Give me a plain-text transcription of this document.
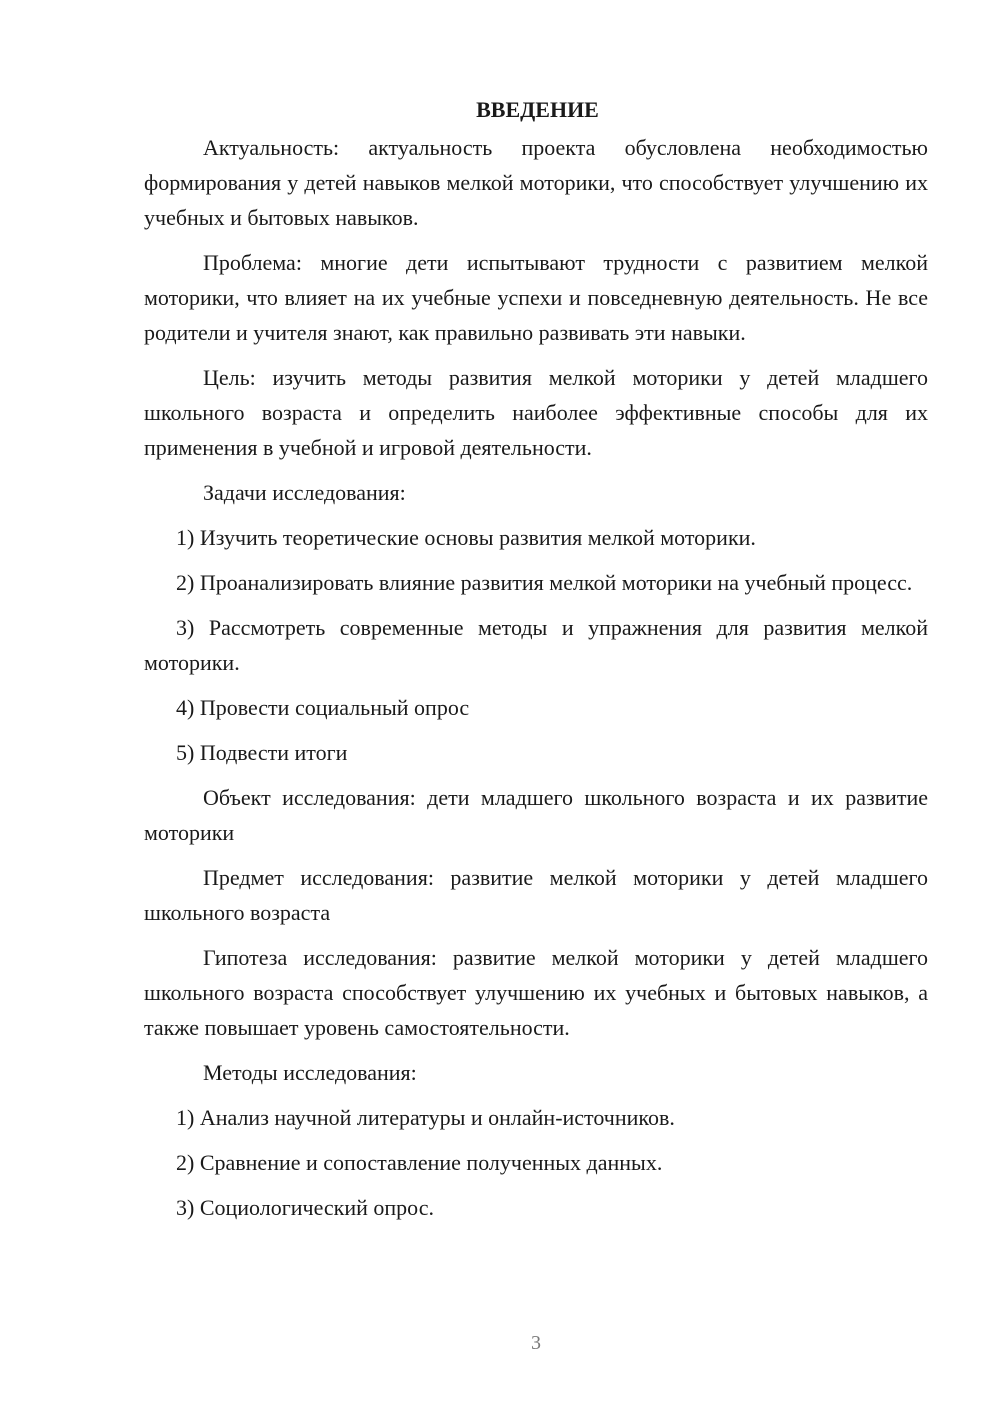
ВВЕДЕНИЕ

Актуальность: актуальность проекта обусловлена необходимостью формирования у детей навыков мелкой моторики, что способствует улучшению их учебных и бытовых навыков.

Проблема: многие дети испытывают трудности с развитием мелкой моторики, что влияет на их учебные успехи и повседневную деятельность. Не все родители и учителя знают, как правильно развивать эти навыки.

Цель: изучить методы развития мелкой моторики у детей младшего школьного возраста и определить наиболее эффективные способы для их применения в учебной и игровой деятельности.

Задачи исследования:

1) Изучить теоретические основы развития мелкой моторики.

2) Проанализировать влияние развития мелкой моторики на учебный процесс.

3) Рассмотреть современные методы и упражнения для развития мелкой моторики.

4) Провести социальный опрос

5) Подвести итоги

Объект исследования: дети младшего школьного возраста и их развитие моторики

Предмет исследования: развитие мелкой моторики у детей младшего школьного возраста

Гипотеза исследования: развитие мелкой моторики у детей младшего школьного возраста способствует улучшению их учебных и бытовых навыков, а также повышает уровень самостоятельности.

Методы исследования:

1) Анализ научной литературы и онлайн-источников.

2) Сравнение и сопоставление полученных данных.

3) Социологический опрос.

3
